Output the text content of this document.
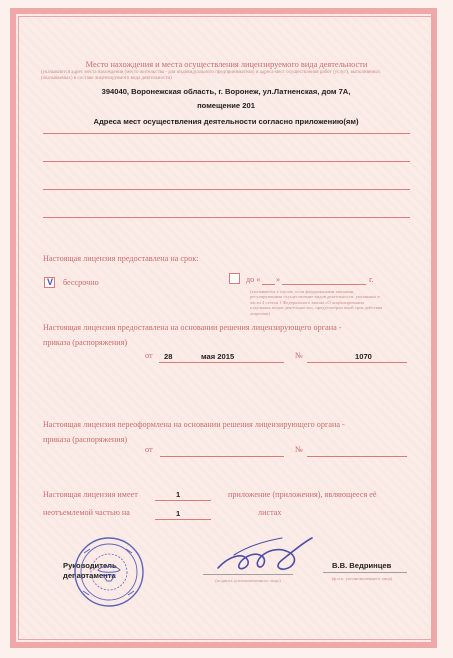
Место нахождения и места осуществления лицензируемого вида деятельности
(указываются адрес места нахождения (место жительства - для индивидуального предпринимателя) и адреса мест осуществления работ (услуг), выполняемых (оказываемых) в составе лицензируемого вида деятельности)
394040, Воронежская область, г. Воронеж, ул.Латненская, дом 7А,
помещение 201
Адреса мест осуществления деятельности согласно приложению(ям)
Настоящая лицензия предоставлена на срок:
V бессрочно	до « »	г.
(указывается в случае, если федеральными законами, регулирующими осуществление видов деятельности, указанных в части 4 статьи 1 Федерального закона «О лицензировании отдельных видов деятельности», предусмотрен иной срок действия лицензии)
Настоящая лицензия предоставлена на основании решения лицензирующего органа -
приказа (распоряжения)
от 28	мая 2015	№	1070
Настоящая лицензия переоформлена на основании решения лицензирующего органа -
приказа (распоряжения)
от	№
Настоящая лицензия имеет	1	приложение (приложения), являющееся её
неотъемлемой частью на	1	листах
Руководитель
департамента
(подпись уполномоченного лица)
В.В. Ведринцев
(ф.и.о. уполномоченного лица)
